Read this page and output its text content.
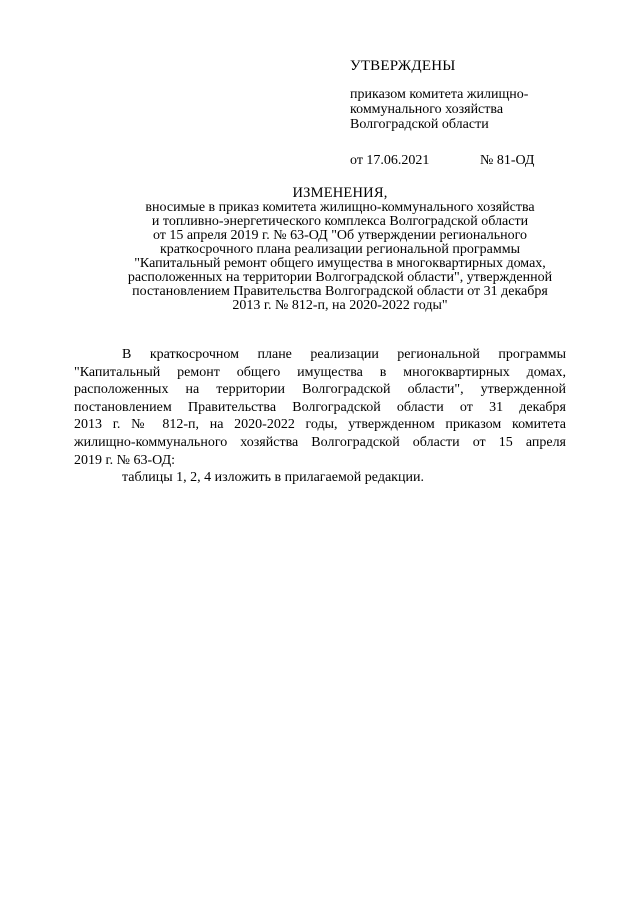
УТВЕРЖДЕНЫ
приказом комитета жилищно-
коммунального хозяйства
Волгоградской области
от 17.06.2021	№ 81-ОД
ИЗМЕНЕНИЯ,
вносимые в приказ комитета жилищно-коммунального хозяйства
и топливно-энергетического комплекса Волгоградской области
от 15 апреля 2019 г. № 63-ОД "Об утверждении регионального
краткосрочного плана реализации региональной программы
"Капитальный ремонт общего имущества в многоквартирных домах,
расположенных на территории Волгоградской области", утвержденной
постановлением Правительства Волгоградской области от 31 декабря
2013 г. № 812-п, на 2020-2022 годы"
В краткосрочном плане реализации региональной программы
"Капитальный ремонт общего имущества в многоквартирных домах,
расположенных на территории Волгоградской области", утвержденной
постановлением Правительства Волгоградской области от 31 декабря
2013 г. № 812-п, на 2020-2022 годы, утвержденном приказом комитета
жилищно-коммунального хозяйства Волгоградской области от 15 апреля
2019 г. № 63-ОД:
таблицы 1, 2, 4 изложить в прилагаемой редакции.
